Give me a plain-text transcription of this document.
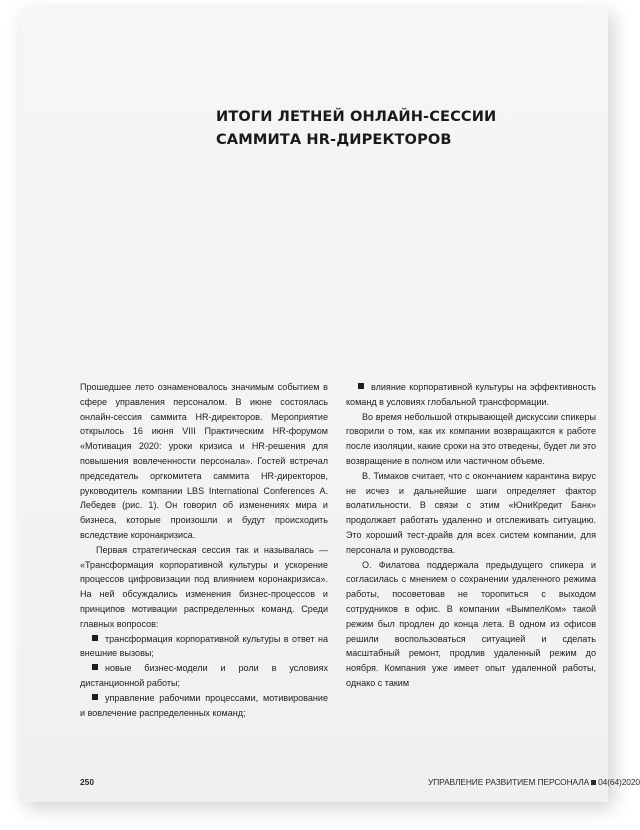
ИТОГИ ЛЕТНЕЙ ОНЛАЙН-СЕССИИ САММИТА HR-ДИРЕКТОРОВ

Прошедшее лето ознаменовалось значимым событием в сфере управления персоналом. В июне состоялась онлайн-сессия саммита HR-директоров. Мероприятие открылось 16 июня VIII Практическим HR-форумом «Мотивация 2020: уроки кризиса и HR-решения для повышения вовлеченности персонала». Гостей встречал председатель оргкомитета саммита HR-директоров, руководитель компании LBS International Conferences А. Лебедев (рис. 1). Он говорил об изменениях мира и бизнеса, которые произошли и будут происходить вследствие коронакризиса.

Первая стратегическая сессия так и называлась — «Трансформация корпоративной культуры и ускорение процессов цифровизации под влиянием коронакризиса». На ней обсуждались изменения бизнес-процессов и принципов мотивации распределенных команд. Среди главных вопросов:

трансформация корпоративной культуры в ответ на внешние вызовы;

новые бизнес-модели и роли в условиях дистанционной работы;

управление рабочими процессами, мотивирование и вовлечение распределенных команд;

влияние корпоративной культуры на эффективность команд в условиях глобальной трансформации.

Во время небольшой открывающей дискуссии спикеры говорили о том, как их компании возвращаются к работе после изоляции, какие сроки на это отведены, будет ли это возвращение в полном или частичном объеме.

В. Тимаков считает, что с окончанием карантина вирус не исчез и дальнейшие шаги определяет фактор волатильности. В связи с этим «ЮниКредит Банк» продолжает работать удаленно и отслеживать ситуацию. Это хороший тест-драйв для всех систем компании, для персонала и руководства.

О. Филатова поддержала предыдущего спикера и согласилась с мнением о сохранении удаленного режима работы, посоветовав не торопиться с выходом сотрудников в офис. В компании «ВымпелКом» такой режим был продлен до конца лета. В одном из офисов решили воспользоваться ситуацией и сделать масштабный ремонт, продлив удаленный режим до ноября. Компания уже имеет опыт удаленной работы, однако с таким

250	УПРАВЛЕНИЕ РАЗВИТИЕМ ПЕРСОНАЛА 04(64)2020
